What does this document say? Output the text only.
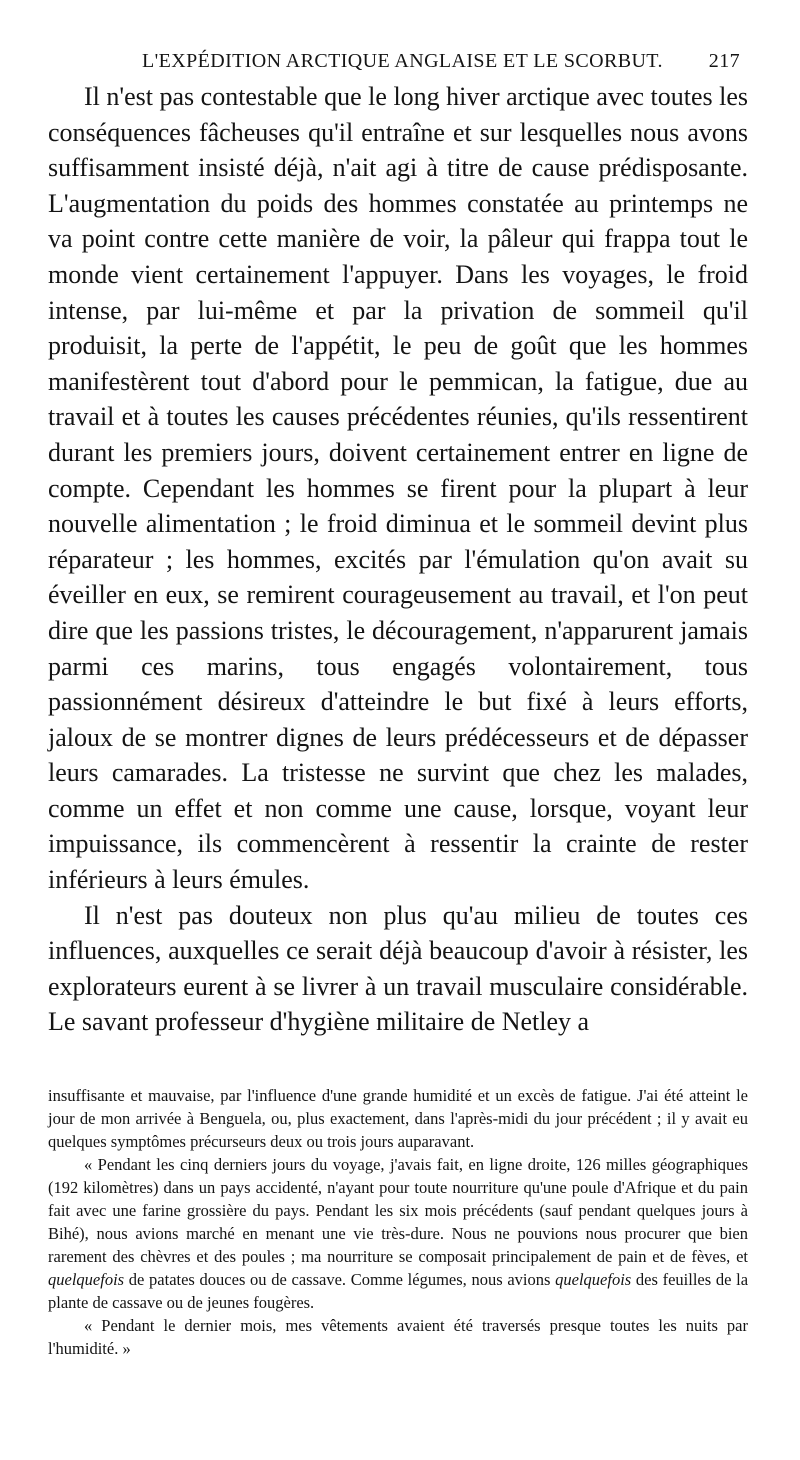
L'EXPÉDITION ARCTIQUE ANGLAISE ET LE SCORBUT. 217

Il n'est pas contestable que le long hiver arctique avec toutes les conséquences fâcheuses qu'il entraîne et sur lesquelles nous avons suffisamment insisté déjà, n'ait agi à titre de cause prédisposante. L'augmentation du poids des hommes constatée au printemps ne va point contre cette manière de voir, la pâleur qui frappa tout le monde vient certainement l'appuyer. Dans les voyages, le froid intense, par lui-même et par la privation de sommeil qu'il produisit, la perte de l'appétit, le peu de goût que les hommes manifestèrent tout d'abord pour le pemmican, la fatigue, due au travail et à toutes les causes précédentes réunies, qu'ils ressentirent durant les premiers jours, doivent certainement entrer en ligne de compte. Cependant les hommes se firent pour la plupart à leur nouvelle alimentation ; le froid diminua et le sommeil devint plus réparateur ; les hommes, excités par l'émulation qu'on avait su éveiller en eux, se remirent courageusement au travail, et l'on peut dire que les passions tristes, le découragement, n'apparurent jamais parmi ces marins, tous engagés volontairement, tous passionnément désireux d'atteindre le but fixé à leurs efforts, jaloux de se montrer dignes de leurs prédécesseurs et de dépasser leurs camarades. La tristesse ne survint que chez les malades, comme un effet et non comme une cause, lorsque, voyant leur impuissance, ils commencèrent à ressentir la crainte de rester inférieurs à leurs émules.

Il n'est pas douteux non plus qu'au milieu de toutes ces influences, auxquelles ce serait déjà beaucoup d'avoir à résister, les explorateurs eurent à se livrer à un travail musculaire considérable. Le savant professeur d'hygiène militaire de Netley a

insuffisante et mauvaise, par l'influence d'une grande humidité et un excès de fatigue. J'ai été atteint le jour de mon arrivée à Benguela, ou, plus exactement, dans l'après-midi du jour précédent ; il y avait eu quelques symptômes précurseurs deux ou trois jours auparavant.

« Pendant les cinq derniers jours du voyage, j'avais fait, en ligne droite, 126 milles géographiques (192 kilomètres) dans un pays accidenté, n'ayant pour toute nourriture qu'une poule d'Afrique et du pain fait avec une farine grossière du pays. Pendant les six mois précédents (sauf pendant quelques jours à Bihé), nous avions marché en menant une vie très-dure. Nous ne pouvions nous procurer que bien rarement des chèvres et des poules ; ma nourriture se composait principalement de pain et de fèves, et quelquefois de patates douces ou de cassave. Comme légumes, nous avions quelquefois des feuilles de la plante de cassave ou de jeunes fougères.

« Pendant le dernier mois, mes vêtements avaient été traversés presque toutes les nuits par l'humidité. »
